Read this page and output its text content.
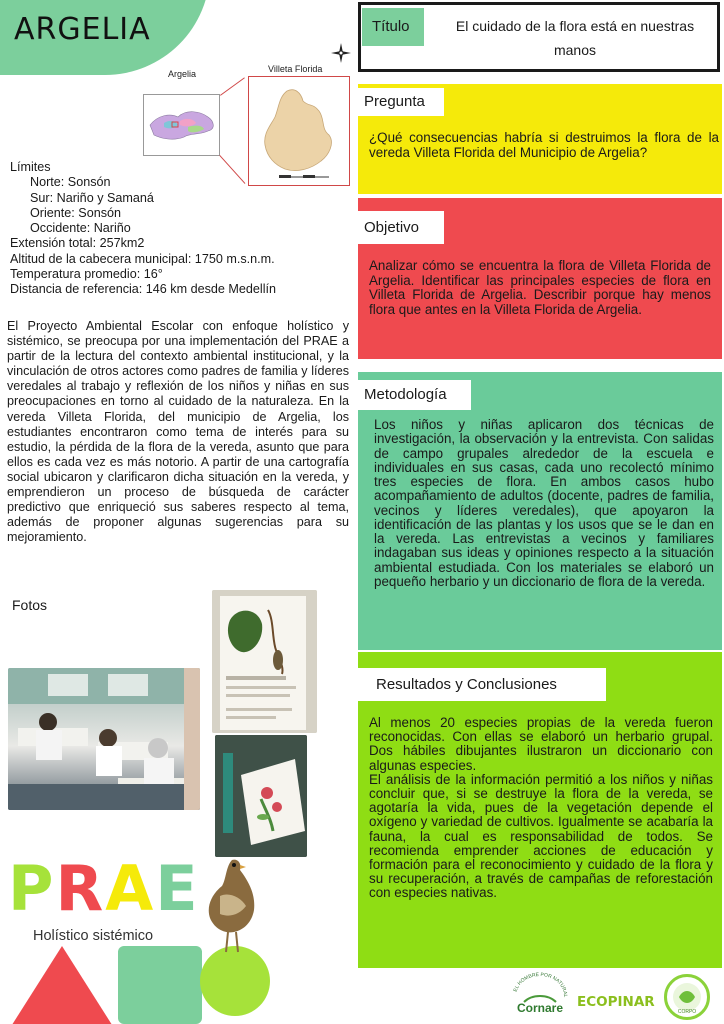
ARGELIA
Argelia	Villeta Florida
Límites
Norte: Sonsón
Sur: Nariño y Samaná
Oriente: Sonsón
Occidente: Nariño
Extensión total: 257km2
Altitud de la cabecera municipal: 1750 m.s.n.m.
Temperatura promedio: 16°
Distancia de referencia: 146 km desde Medellín
El Proyecto Ambiental Escolar con enfoque holístico y sistémico, se preocupa por una implementación del PRAE a partir de la lectura del contexto ambiental institucional, y la vinculación de otros actores como padres de familia y líderes veredales al trabajo y reflexión de los niños y niñas en sus preocupaciones en torno al cuidado de la naturaleza. En la vereda Villeta Florida, del municipio de Argelia, los estudiantes encontraron como tema de interés para su estudio, la pérdida de la flora de la vereda, asunto que para ellos es cada vez es más notorio. A partir de una cartografía social ubicaron y clarificaron dicha situación en la vereda, y emprendieron un proceso de búsqueda de carácter predictivo que enriqueció sus saberes respecto al tema, además de proponer algunas sugerencias para su mejoramiento.
Fotos
PRAE
Holístico sistémico
Título	El cuidado de la flora está en nuestras manos
Pregunta
¿Qué consecuencias habría si destruimos la flora de la vereda Villeta Florida del Municipio de Argelia?
Objetivo
Analizar cómo se encuentra la flora de Villeta Florida de Argelia. Identificar las principales especies de flora en Villeta Florida de Argelia. Describir porque hay menos flora que antes en la Villeta Florida de Argelia.
Metodología
Los niños y niñas aplicaron dos técnicas de investigación, la observación y la entrevista. Con salidas de campo grupales alrededor de la escuela e individuales en sus casas, cada uno recolectó mínimo tres especies de flora. En ambos casos hubo acompañamiento de adultos (docente, padres de familia, vecinos y líderes veredales), que apoyaron la identificación de las plantas y los usos que se le dan en la vereda. Las entrevistas a vecinos y familiares indagaban sus ideas y opiniones respecto a la situación ambiental estudiada. Con los materiales se elaboró un pequeño herbario y un diccionario de flora de la vereda.
Resultados y Conclusiones
Al menos 20 especies propias de la vereda fueron reconocidas. Con ellas se elaboró un herbario grupal. Dos hábiles dibujantes ilustraron un diccionario con algunas especies.
El análisis de la información permitió a los niños y niñas concluir que, si se destruye la flora de la vereda, se agotaría la vida, pues de la vegetación depende el oxígeno y variedad de cultivos. Igualmente se acabaría la fauna, la cual es responsabilidad de todos. Se recomienda emprender acciones de educación y formación para el reconocimiento y cuidado de la flora y su recuperación, a través de campañas de reforestación con especies nativas.
EL HOMBRE POR NATURAL
Cornare ECOPINAR
CORPO
